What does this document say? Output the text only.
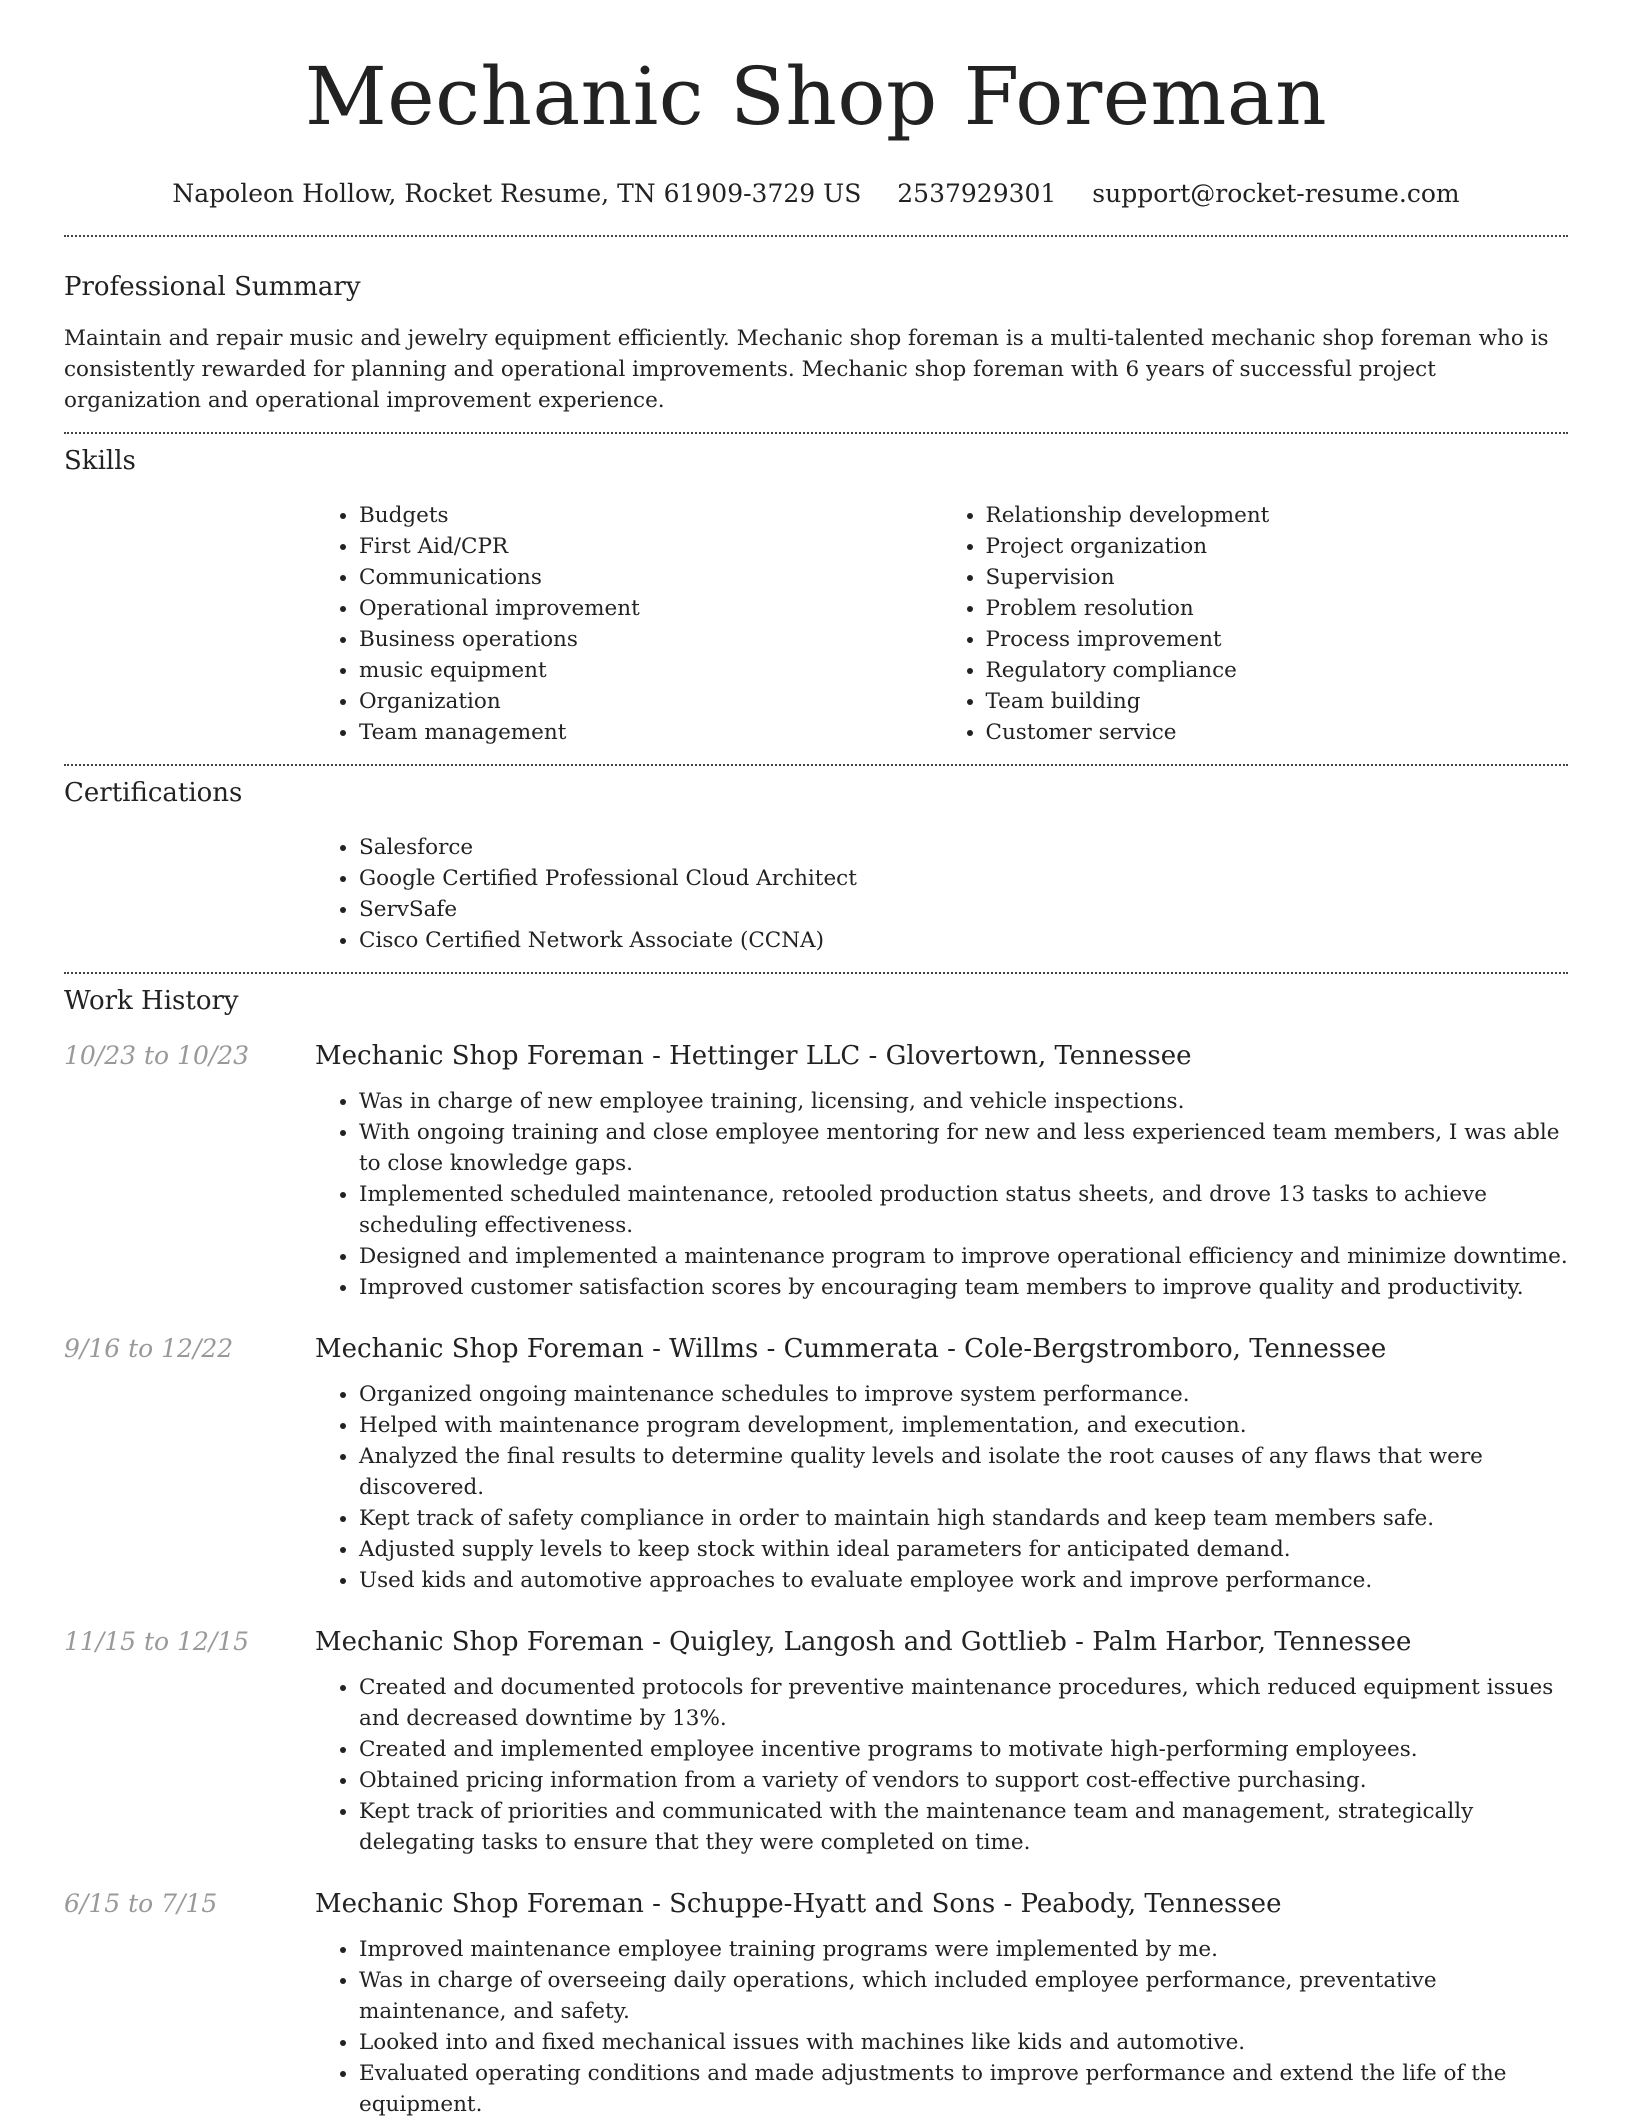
Mechanic Shop Foreman
Napoleon Hollow, Rocket Resume, TN 61909-3729 US 2537929301 support@rocket-resume.com
Professional Summary

Maintain and repair music and jewelry equipment efficiently. Mechanic shop foreman is a multi-talented mechanic shop foreman who is consistently rewarded for planning and operational improvements. Mechanic shop foreman with 6 years of successful project organization and operational improvement experience.

Skills
• Budgets
• First Aid/CPR
• Communications
• Operational improvement
• Business operations
• music equipment
• Organization
• Team management
• Relationship development
• Project organization
• Supervision
• Problem resolution
• Process improvement
• Regulatory compliance
• Team building
• Customer service
Certifications
• Salesforce
• Google Certified Professional Cloud Architect
• ServSafe
• Cisco Certified Network Associate (CCNA)
Work History
10/23 to 10/23	Mechanic Shop Foreman - Hettinger LLC - Glovertown, Tennessee
• Was in charge of new employee training, licensing, and vehicle inspections.
• With ongoing training and close employee mentoring for new and less experienced team members, I was able to close knowledge gaps.
• Implemented scheduled maintenance, retooled production status sheets, and drove 13 tasks to achieve scheduling effectiveness.
• Designed and implemented a maintenance program to improve operational efficiency and minimize downtime.
• Improved customer satisfaction scores by encouraging team members to improve quality and productivity.
9/16 to 12/22	Mechanic Shop Foreman - Willms - Cummerata - Cole-Bergstromboro, Tennessee
• Organized ongoing maintenance schedules to improve system performance.
• Helped with maintenance program development, implementation, and execution.
• Analyzed the final results to determine quality levels and isolate the root causes of any flaws that were discovered.
• Kept track of safety compliance in order to maintain high standards and keep team members safe.
• Adjusted supply levels to keep stock within ideal parameters for anticipated demand.
• Used kids and automotive approaches to evaluate employee work and improve performance.
11/15 to 12/15	Mechanic Shop Foreman - Quigley, Langosh and Gottlieb - Palm Harbor, Tennessee
• Created and documented protocols for preventive maintenance procedures, which reduced equipment issues and decreased downtime by 13%.
• Created and implemented employee incentive programs to motivate high-performing employees.
• Obtained pricing information from a variety of vendors to support cost-effective purchasing.
• Kept track of priorities and communicated with the maintenance team and management, strategically delegating tasks to ensure that they were completed on time.
6/15 to 7/15	Mechanic Shop Foreman - Schuppe-Hyatt and Sons - Peabody, Tennessee
• Improved maintenance employee training programs were implemented by me.
• Was in charge of overseeing daily operations, which included employee performance, preventative maintenance, and safety.
• Looked into and fixed mechanical issues with machines like kids and automotive.
• Evaluated operating conditions and made adjustments to improve performance and extend the life of the equipment.
